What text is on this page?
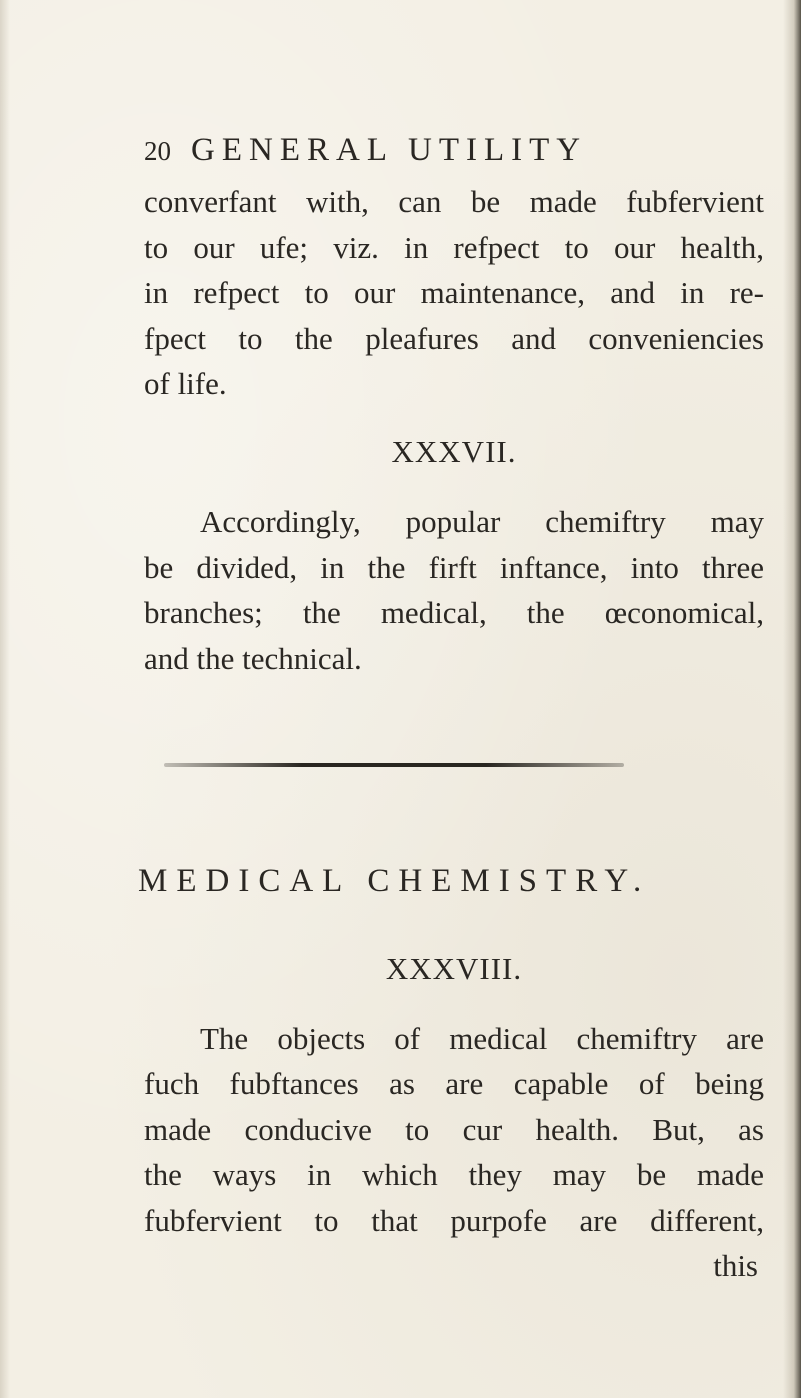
20 GENERAL UTILITY
converfant with, can be made fubfervient
to our ufe; viz. in refpect to our health,
in refpect to our maintenance, and in re-
fpect to the pleafures and conveniencies
of life.
XXXVII.
Accordingly, popular chemiftry may
be divided, in the firft inftance, into three
branches; the medical, the œconomical,
and the technical.
MEDICAL CHEMISTRY.
XXXVIII.
The objects of medical chemiftry are
fuch fubftances as are capable of being
made conducive to cur health. But, as
the ways in which they may be made
fubfervient to that purpofe are different,
this
